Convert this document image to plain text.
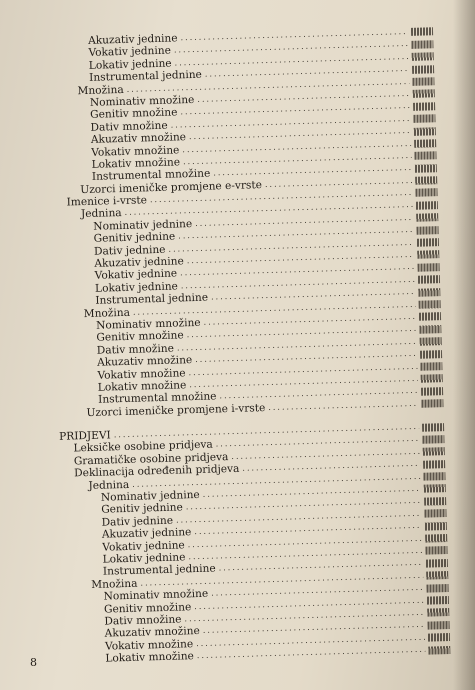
Akuzativ jednine
.....
Vokativ jednine
.....
Lokativ jednine
.....
Instrumental jednine
.....
Množina
.....
Nominativ množine
.....
Genitiv množine
.....
Dativ množine
.....
Akuzativ množine
.....
Vokativ množine
.....
Lokativ množine
.....
Instrumental množine
.....
Uzorci imeničke promjene e-vrste
.....
Imenice i-vrste
.....
Jednina
.....
Nominativ jednine
.....
Genitiv jednine
.....
Dativ jednine
.....
Akuzativ jednine
.....
Vokativ jednine
.....
Lokativ jednine
.....
Instrumental jednine
.....
Množina
.....
Nominativ množine
.....
Genitiv množine
.....
Dativ množine
.....
Akuzativ množine
.....
Vokativ množine
.....
Lokativ množine
.....
Instrumental množine
.....
Uzorci imeničke promjene i-vrste
.....
PRIDJEVI
.....
Leksičke osobine pridjeva
.....
Gramatičke osobine pridjeva
.....
Deklinacija određenih pridjeva
.....
Jednina
.....
Nominativ jednine
.....
Genitiv jednine
.....
Dativ jednine
.....
Akuzativ jednine
.....
Vokativ jednine
.....
Lokativ jednine
.....
Instrumental jednine
.....
Množina
.....
Nominativ množine
.....
Genitiv množine
.....
Dativ množine
.....
Akuzativ množine
.....
Vokativ množine
.....
Lokativ množine
.....
8
